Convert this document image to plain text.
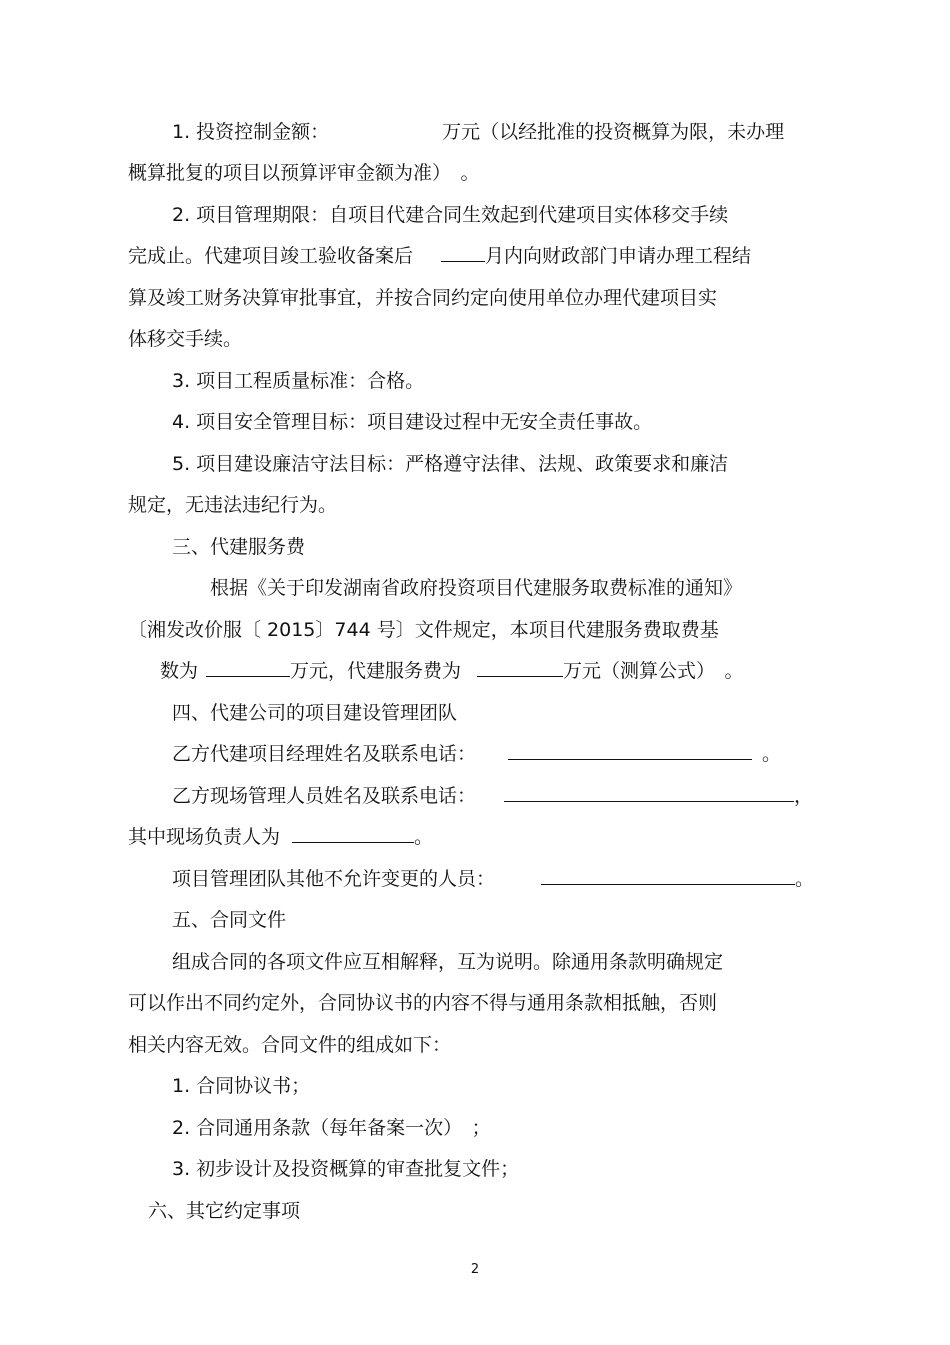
1. 投资控制金额：	万元（以经批准的投资概算为限，未办理
概算批复的项目以预算评审金额为准）　。
2. 项目管理期限：自项目代建合同生效起到代建项目实体移交手续
完成止。代建项目竣工验收备案后	月内向财政部门申请办理工程结
算及竣工财务决算审批事宜，并按合同约定向使用单位办理代建项目实
体移交手续。
3. 项目工程质量标准：合格。
4. 项目安全管理目标：项目建设过程中无安全责任事故。
5. 项目建设廉洁守法目标：严格遵守法律、法规、政策要求和廉洁
规定，无违法违纪行为。
三、代建服务费
根据《关于印发湖南省政府投资项目代建服务取费标准的通知》
〔湘发改价服〔 2015〕744 号〕文件规定，本项目代建服务费取费基
数为	万元，代建服务费为	万元（测算公式）　。
四、代建公司的项目建设管理团队
乙方代建项目经理姓名及联系电话：	。
乙方现场管理人员姓名及联系电话：	，
其中现场负责人为	。
项目管理团队其他不允许变更的人员：	。
五、合同文件
组成合同的各项文件应互相解释，互为说明。除通用条款明确规定
可以作出不同约定外，合同协议书的内容不得与通用条款相抵触，否则
相关内容无效。合同文件的组成如下：
1. 合同协议书；
2. 合同通用条款（每年备案一次）　；
3. 初步设计及投资概算的审查批复文件；
六、其它约定事项
2
